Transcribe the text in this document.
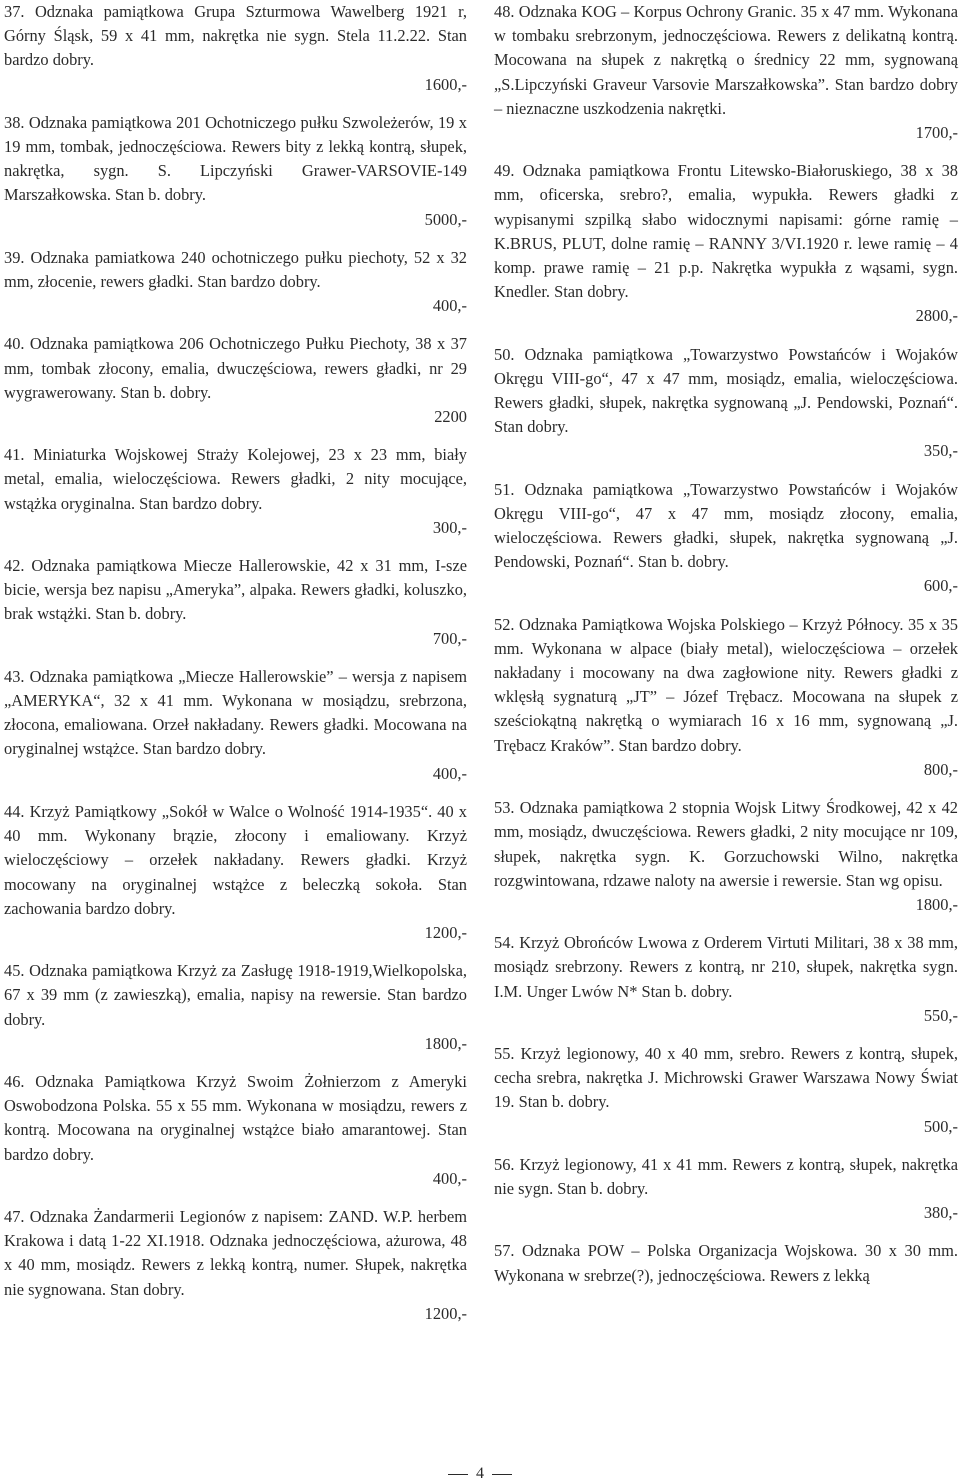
37. Odznaka pamiątkowa Grupa Szturmowa Wawelberg 1921 r, Górny Śląsk, 59 x 41 mm, nakrętka nie sygn. Stela 11.2.22. Stan bardzo dobry.
1600,-
38. Odznaka pamiątkowa 201 Ochotniczego pułku Szwoleżerów, 19 x 19 mm, tombak, jednoczęściowa. Rewers bity z lekką kontrą, słupek, nakrętka, sygn. S. Lipczyński Grawer-VARSOVIE-149 Marszałkowska. Stan b. dobry.
5000,-
39. Odznaka pamiatkowa 240 ochotniczego pułku piechoty, 52 x 32 mm, złocenie, rewers gładki. Stan bardzo dobry.
400,-
40. Odznaka pamiątkowa 206 Ochotniczego Pułku Piechoty, 38 x 37 mm, tombak złocony, emalia, dwuczęściowa, rewers gładki, nr 29 wygrawerowany. Stan b. dobry.
2200
41. Miniaturka Wojskowej Straży Kolejowej, 23 x 23 mm, biały metal, emalia, wieloczęściowa. Rewers gładki, 2 nity mocujące, wstążka oryginalna. Stan bardzo dobry.
300,-
42. Odznaka pamiątkowa Miecze Hallerowskie, 42 x 31 mm, I-sze bicie, wersja bez napisu „Ameryka”, alpaka. Rewers gładki, koluszko, brak wstążki. Stan b. dobry.
700,-
43. Odznaka pamiątkowa „Miecze Hallerowskie” – wersja z napisem „AMERYKA“, 32 x 41 mm. Wykonana w mosiądzu, srebrzona, złocona, emaliowana. Orzeł nakładany. Rewers gładki. Mocowana na oryginalnej wstążce. Stan bardzo dobry.
400,-
44. Krzyż Pamiątkowy „Sokół w Walce o Wolność 1914-1935“. 40 x 40 mm. Wykonany brązie, złocony i emaliowany. Krzyż wieloczęściowy – orzełek nakładany. Rewers gładki. Krzyż mocowany na oryginalnej wstążce z beleczką sokoła. Stan zachowania bardzo dobry.
1200,-
45. Odznaka pamiątkowa Krzyż za Zasługę 1918-1919,Wielkopolska, 67 x 39 mm (z zawieszką), emalia, napisy na rewersie. Stan bardzo dobry.
1800,-
46. Odznaka Pamiątkowa Krzyż Swoim Żołnierzom z Ameryki Oswobodzona Polska. 55 x 55 mm. Wykonana w mosiądzu, rewers z kontrą. Mocowana na oryginalnej wstążce biało amarantowej. Stan bardzo dobry.
400,-
47. Odznaka Żandarmerii Legionów z napisem: ZAND. W.P. herbem Krakowa i datą 1-22 XI.1918. Odznaka jednoczęściowa, ażurowa, 48 x 40 mm, mosiądz. Rewers z lekką kontrą, numer. Słupek, nakrętka nie sygnowana. Stan dobry.
1200,-
48. Odznaka KOG – Korpus Ochrony Granic. 35 x 47 mm. Wykonana w tombaku srebrzonym, jednoczęściowa. Rewers z delikatną kontrą. Mocowana na słupek z nakrętką o średnicy 22 mm, sygnowaną „S.Lipczyński Graveur Varsovie Marszałkowska”. Stan bardzo dobry – nieznaczne uszkodzenia nakrętki.
1700,-
49. Odznaka pamiątkowa Frontu Litewsko-Białoruskiego, 38 x 38 mm, oficerska, srebro?, emalia, wypukła. Rewers gładki z wypisanymi szpilką słabo widocznymi napisami: górne ramię – K.BRUS, PLUT, dolne ramię – RANNY 3/VI.1920 r. lewe ramię – 4 komp. prawe ramię – 21 p.p. Nakrętka wypukła z wąsami, sygn. Knedler. Stan dobry.
2800,-
50. Odznaka pamiątkowa „Towarzystwo Powstańców i Wojaków Okręgu VIII-go“, 47 x 47 mm, mosiądz, emalia, wieloczęściowa. Rewers gładki, słupek, nakrętka sygnowaną „J. Pendowski, Poznań“. Stan dobry.
350,-
51. Odznaka pamiątkowa „Towarzystwo Powstańców i Wojaków Okręgu VIII-go“, 47 x 47 mm, mosiądz złocony, emalia, wieloczęściowa. Rewers gładki, słupek, nakrętka sygnowaną „J. Pendowski, Poznań“. Stan b. dobry.
600,-
52. Odznaka Pamiątkowa Wojska Polskiego – Krzyż Północy. 35 x 35 mm. Wykonana w alpace (biały metal), wieloczęściowa – orzełek nakładany i mocowany na dwa zagłowione nity. Rewers gładki z wklęsłą sygnaturą „JT” – Józef Trębacz. Mocowana na słupek z sześciokątną nakrętką o wymiarach 16 x 16 mm, sygnowaną „J. Trębacz Kraków”. Stan bardzo dobry.
800,-
53. Odznaka pamiątkowa 2 stopnia Wojsk Litwy Środkowej, 42 x 42 mm, mosiądz, dwuczęściowa. Rewers gładki, 2 nity mocujące nr 109, słupek, nakrętka sygn. K. Gorzuchowski Wilno, nakrętka rozgwintowana, rdzawe naloty na awersie i rewersie. Stan wg opisu.
1800,-
54. Krzyż Obrońców Lwowa z Orderem Virtuti Militari, 38 x 38 mm, mosiądz srebrzony. Rewers z kontrą, nr 210, słupek, nakrętka sygn. I.M. Unger Lwów N* Stan b. dobry.
550,-
55. Krzyż legionowy, 40 x 40 mm, srebro. Rewers z kontrą, słupek, cecha srebra, nakrętka J. Michrowski Grawer Warszawa Nowy Świat 19. Stan b. dobry.
500,-
56. Krzyż legionowy, 41 x 41 mm. Rewers z kontrą, słupek, nakrętka nie sygn. Stan b. dobry.
380,-
57. Odznaka POW – Polska Organizacja Wojskowa. 30 x 30 mm. Wykonana w srebrze(?), jednoczęściowa. Rewers z lekką
4
